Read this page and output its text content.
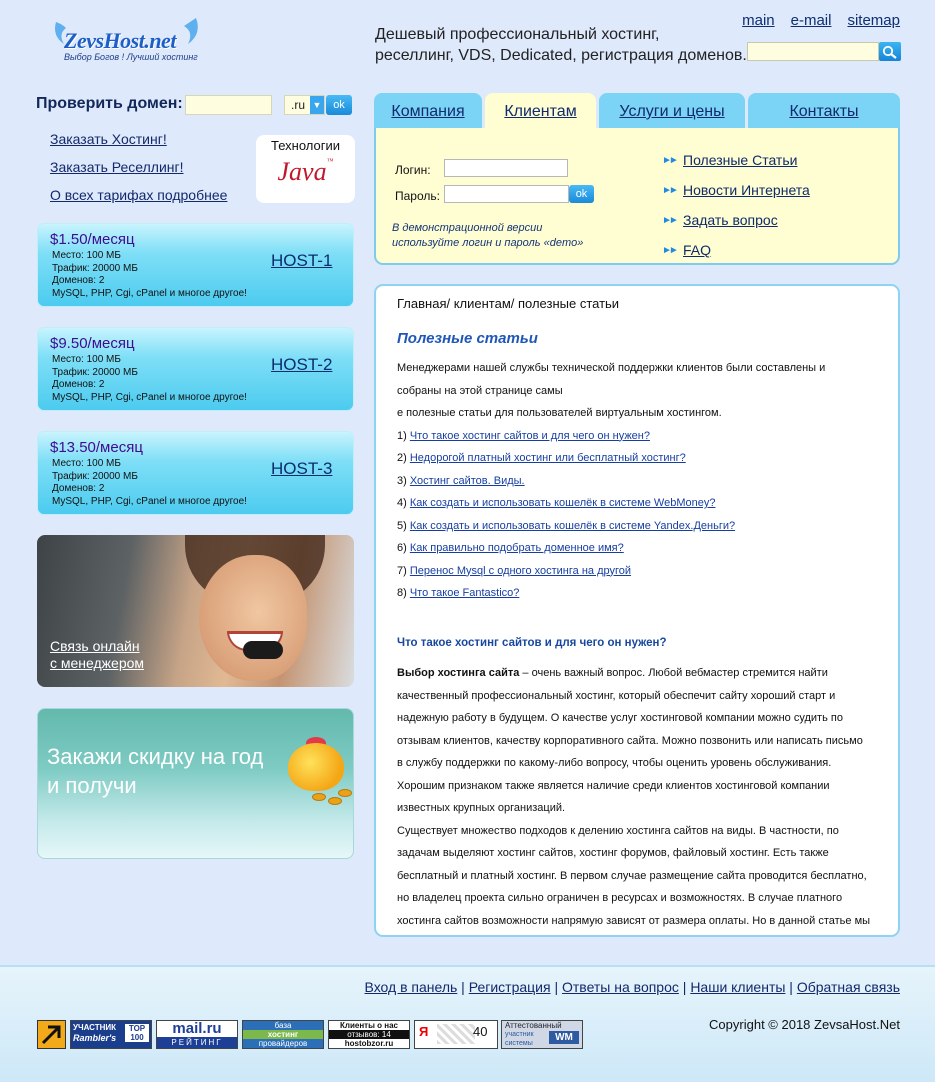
ZevsHost.net
Выбор Богов ! Лучший хостинг
Дешевый профессиональный хостинг,
реселлинг, VDS, Dedicated, регистрация доменов.
main e-mail sitemap
Проверить домен:	.ru ▼	ok
Заказать Хостинг!
Заказать Реселлинг!
О всех тарифах подробнее
Технологии
Java™
$1.50/месяц
Место: 100 МБ
Трафик: 20000 МБ
Доменов: 2
MySQL, PHP, Cgi, cPanel и многое другое!
HOST-1
$9.50/месяц
Место: 100 МБ
Трафик: 20000 МБ
Доменов: 2
MySQL, PHP, Cgi, cPanel и многое другое!
HOST-2
$13.50/месяц
Место: 100 МБ
Трафик: 20000 МБ
Доменов: 2
MySQL, PHP, Cgi, cPanel и многое другое!
HOST-3
Связь онлайн
с менеджером
Закажи скидку на год
и получи
Компания	Клиентам	Услуги и цены	Контакты
Логин:
Пароль:	ok
В демонстрационной версии
используйте логин и пароль «demo»
►► Полезные Статьи
►► Новости Интернета
►► Задать вопрос
►► FAQ
Главная/ клиентам/ полезные статьи
Полезные статьи
Менеджерами нашей службы технической поддержки клиентов были составлены и
собраны на этой странице самы
е полезные статьи для пользователей виртуальным хостингом.
1) Что такое хостинг сайтов и для чего он нужен?
2) Недорогой платный хостинг или бесплатный хостинг?
3) Хостинг сайтов. Виды.
4) Как создать и использовать кошелёк в системе WebMoney?
5) Как создать и использовать кошелёк в системе Yandex.Деньги?
6) Как правильно подобрать доменное имя?
7) Перенос Mysql с одного хостинга на другой
8) Что такое Fantastico?
Что такое хостинг сайтов и для чего он нужен?
Выбор хостинга сайта – очень важный вопрос. Любой вебмастер стремится найти
качественный профессиональный хостинг, который обеспечит сайту хороший старт и
надежную работу в будущем. О качестве услуг хостинговой компании можно судить по
отзывам клиентов, качеству корпоративного сайта. Можно позвонить или написать письмо
в службу поддержки по какому-либо вопросу, чтобы оценить уровень обслуживания.
Хорошим признаком также является наличие среди клиентов хостинговой компании
известных крупных организаций.
Существует множество подходов к делению хостинга сайтов на виды. В частности, по
задачам выделяют хостинг сайтов, хостинг форумов, файловый хостинг. Есть также
бесплатный и платный хостинг. В первом случае размещение сайта проводится бесплатно,
но владелец проекта сильно ограничен в ресурсах и возможностях. В случае платного
хостинга сайтов возможности напрямую зависят от размера оплаты. Но в данной статье мы
Вход в панель | Регистрация | Ответы на вопрос | Наши клиенты | Обратная связь
Copyright © 2018 ZevsaHost.Net
УЧАСТНИК
Rambler's
TOP 100
mail.ru
РЕЙТИНГ
база
хостинг
провайдеров
Клиенты о нас
отзывов: 14
hostobzor.ru
Я	40	Аттестованный
участник системы
WM
